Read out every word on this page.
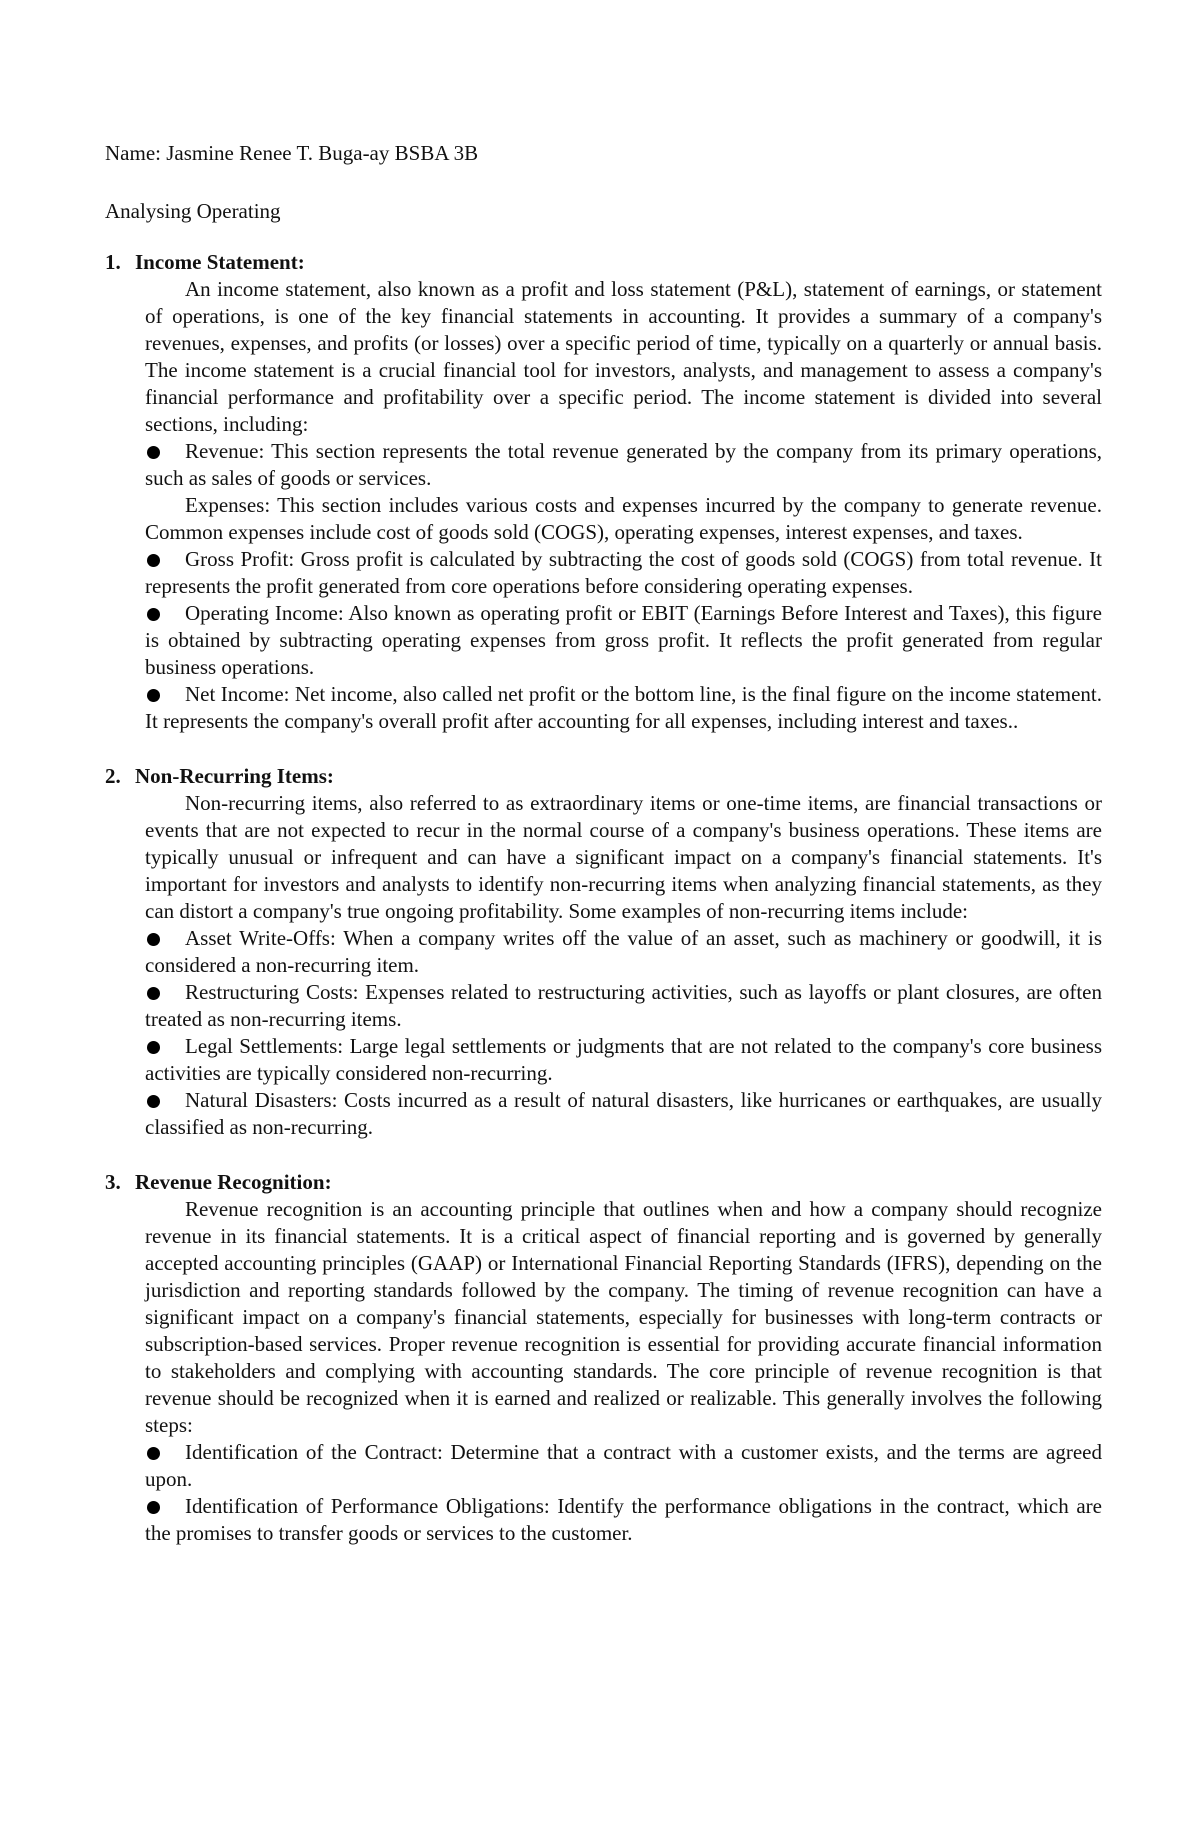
Name: Jasmine Renee T. Buga-ay BSBA 3B

Analysing Operating

1. Income Statement:

An income statement, also known as a profit and loss statement (P&L), statement of earnings, or statement of operations, is one of the key financial statements in accounting. It provides a summary of a company's revenues, expenses, and profits (or losses) over a specific period of time, typically on a quarterly or annual basis. The income statement is a crucial financial tool for investors, analysts, and management to assess a company's financial performance and profitability over a specific period. The income statement is divided into several sections, including:

Revenue: This section represents the total revenue generated by the company from its primary operations, such as sales of goods or services.
Expenses: This section includes various costs and expenses incurred by the company to generate revenue. Common expenses include cost of goods sold (COGS), operating expenses, interest expenses, and taxes.
Gross Profit: Gross profit is calculated by subtracting the cost of goods sold (COGS) from total revenue. It represents the profit generated from core operations before considering operating expenses.
Operating Income: Also known as operating profit or EBIT (Earnings Before Interest and Taxes), this figure is obtained by subtracting operating expenses from gross profit. It reflects the profit generated from regular business operations.
Net Income: Net income, also called net profit or the bottom line, is the final figure on the income statement. It represents the company's overall profit after accounting for all expenses, including interest and taxes..
2. Non-Recurring Items:

Non-recurring items, also referred to as extraordinary items or one-time items, are financial transactions or events that are not expected to recur in the normal course of a company's business operations. These items are typically unusual or infrequent and can have a significant impact on a company's financial statements. It's important for investors and analysts to identify non-recurring items when analyzing financial statements, as they can distort a company's true ongoing profitability. Some examples of non-recurring items include:

Asset Write-Offs: When a company writes off the value of an asset, such as machinery or goodwill, it is considered a non-recurring item.
Restructuring Costs: Expenses related to restructuring activities, such as layoffs or plant closures, are often treated as non-recurring items.
Legal Settlements: Large legal settlements or judgments that are not related to the company's core business activities are typically considered non-recurring.
Natural Disasters: Costs incurred as a result of natural disasters, like hurricanes or earthquakes, are usually classified as non-recurring.
3. Revenue Recognition:

Revenue recognition is an accounting principle that outlines when and how a company should recognize revenue in its financial statements. It is a critical aspect of financial reporting and is governed by generally accepted accounting principles (GAAP) or International Financial Reporting Standards (IFRS), depending on the jurisdiction and reporting standards followed by the company. The timing of revenue recognition can have a significant impact on a company's financial statements, especially for businesses with long-term contracts or subscription-based services. Proper revenue recognition is essential for providing accurate financial information to stakeholders and complying with accounting standards. The core principle of revenue recognition is that revenue should be recognized when it is earned and realized or realizable. This generally involves the following steps:

Identification of the Contract: Determine that a contract with a customer exists, and the terms are agreed upon.
Identification of Performance Obligations: Identify the performance obligations in the contract, which are the promises to transfer goods or services to the customer.
